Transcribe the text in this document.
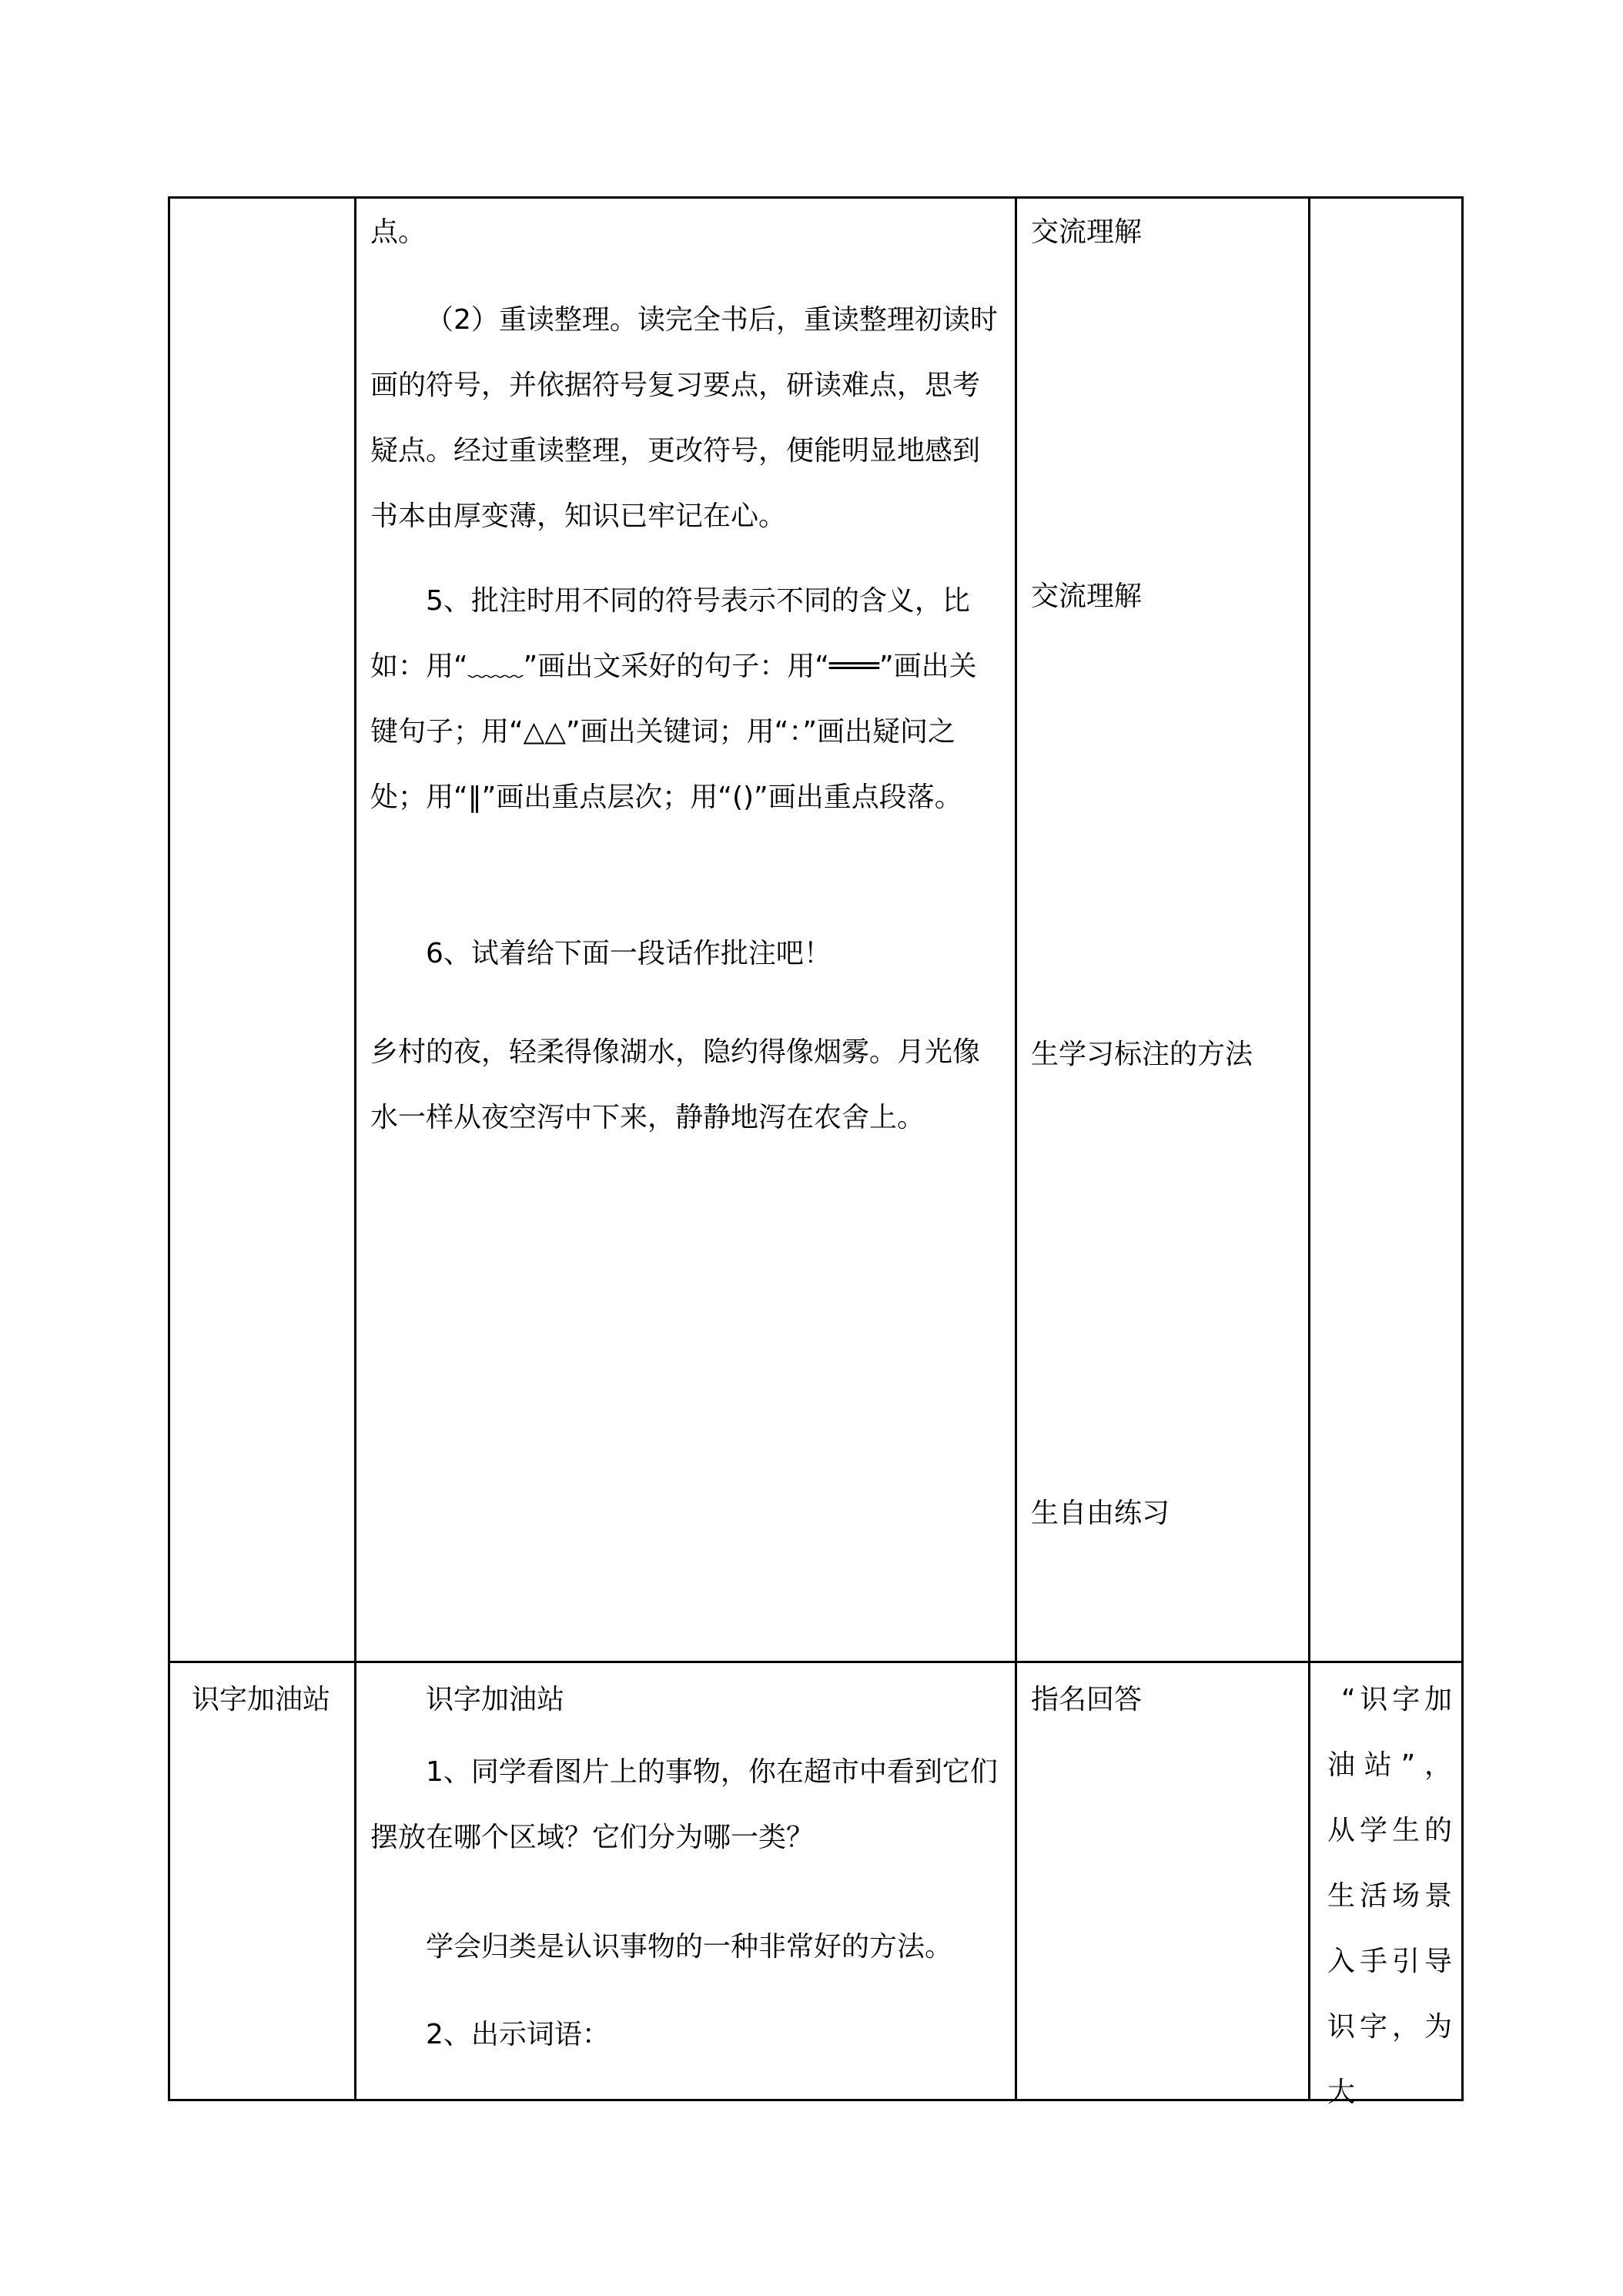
点。
（2）重读整理。读完全书后，重读整理初读时画的符号，并依据符号复习要点，研读难点，思考疑点。经过重读整理，更改符号，便能明显地感到书本由厚变薄，知识已牢记在心。
5、批注时用不同的符号表示不同的含义，比如：用“﹏﹏”画出文采好的句子：用“═══”画出关键句子；用“△△”画出关键词；用“：”画出疑问之处；用“‖”画出重点层次；用“()”画出重点段落。
6、试着给下面一段话作批注吧！
乡村的夜，轻柔得像湖水，隐约得像烟雾。月光像水一样从夜空泻中下来，静静地泻在农舍上。
交流理解
交流理解
生学习标注的方法
生自由练习
识字加油站	识字加油站
1、同学看图片上的事物，你在超市中看到它们摆放在哪个区域？它们分为哪一类？
学会归类是认识事物的一种非常好的方法。
2、出示词语：
指名回答	“识字加油站”，从学生的生活场景入手引导识字，为大
